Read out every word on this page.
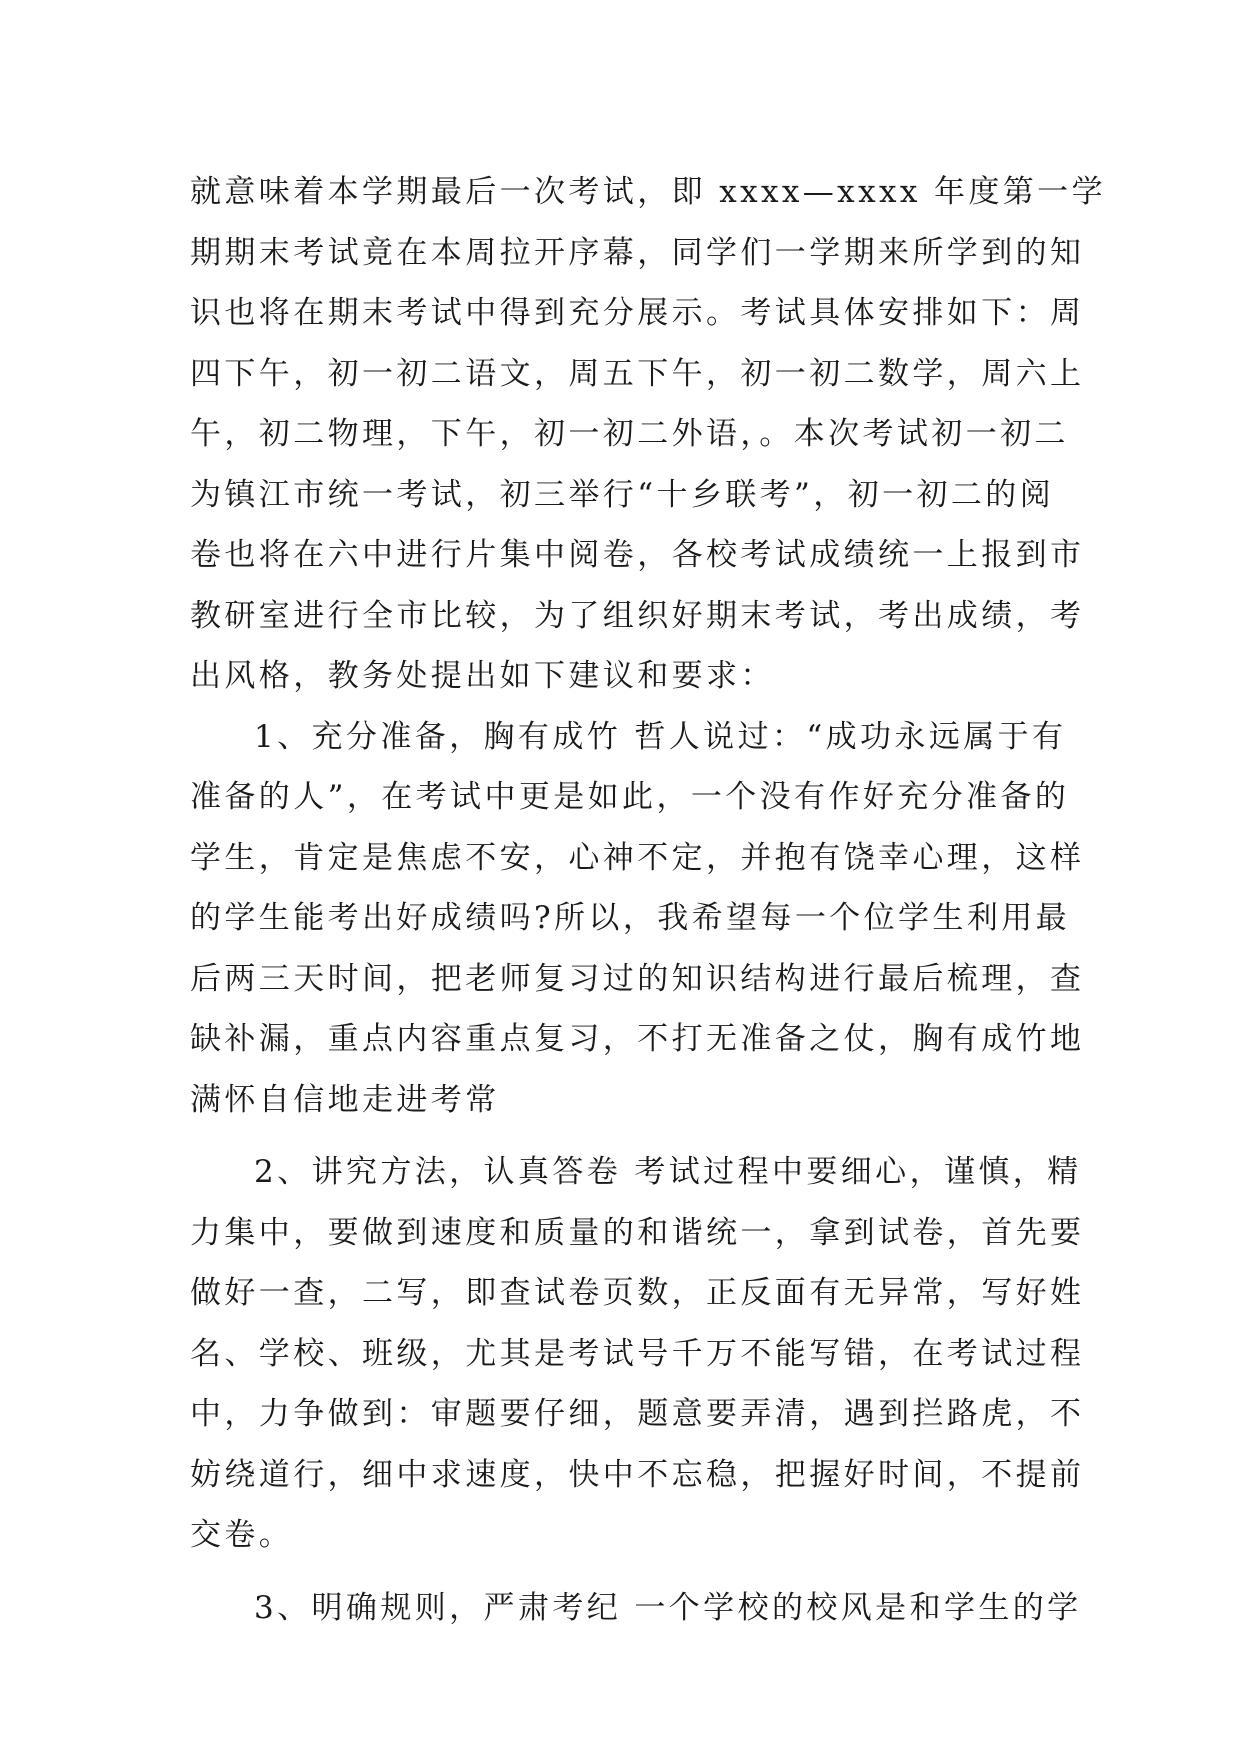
就意味着本学期最后一次考试，即 xxxx—xxxx 年度第一学
期期末考试竟在本周拉开序幕，同学们一学期来所学到的知
识也将在期末考试中得到充分展示。考试具体安排如下：周
四下午，初一初二语文，周五下午，初一初二数学，周六上
午，初二物理，下午，初一初二外语，。本次考试初一初二
为镇江市统一考试，初三举行“十乡联考”，初一初二的阅
卷也将在六中进行片集中阅卷，各校考试成绩统一上报到市
教研室进行全市比较，为了组织好期末考试，考出成绩，考
出风格，教务处提出如下建议和要求：
1、充分准备，胸有成竹 哲人说过：“成功永远属于有
准备的人”，在考试中更是如此，一个没有作好充分准备的
学生，肯定是焦虑不安，心神不定，并抱有饶幸心理，这样
的学生能考出好成绩吗?所以，我希望每一个位学生利用最
后两三天时间，把老师复习过的知识结构进行最后梳理，查
缺补漏，重点内容重点复习，不打无准备之仗，胸有成竹地
满怀自信地走进考常
2、讲究方法，认真答卷 考试过程中要细心，谨慎，精
力集中，要做到速度和质量的和谐统一，拿到试卷，首先要
做好一查，二写，即查试卷页数，正反面有无异常，写好姓
名、学校、班级，尤其是考试号千万不能写错，在考试过程
中，力争做到：审题要仔细，题意要弄清，遇到拦路虎，不
妨绕道行，细中求速度，快中不忘稳，把握好时间，不提前
交卷。
3、明确规则，严肃考纪 一个学校的校风是和学生的学
